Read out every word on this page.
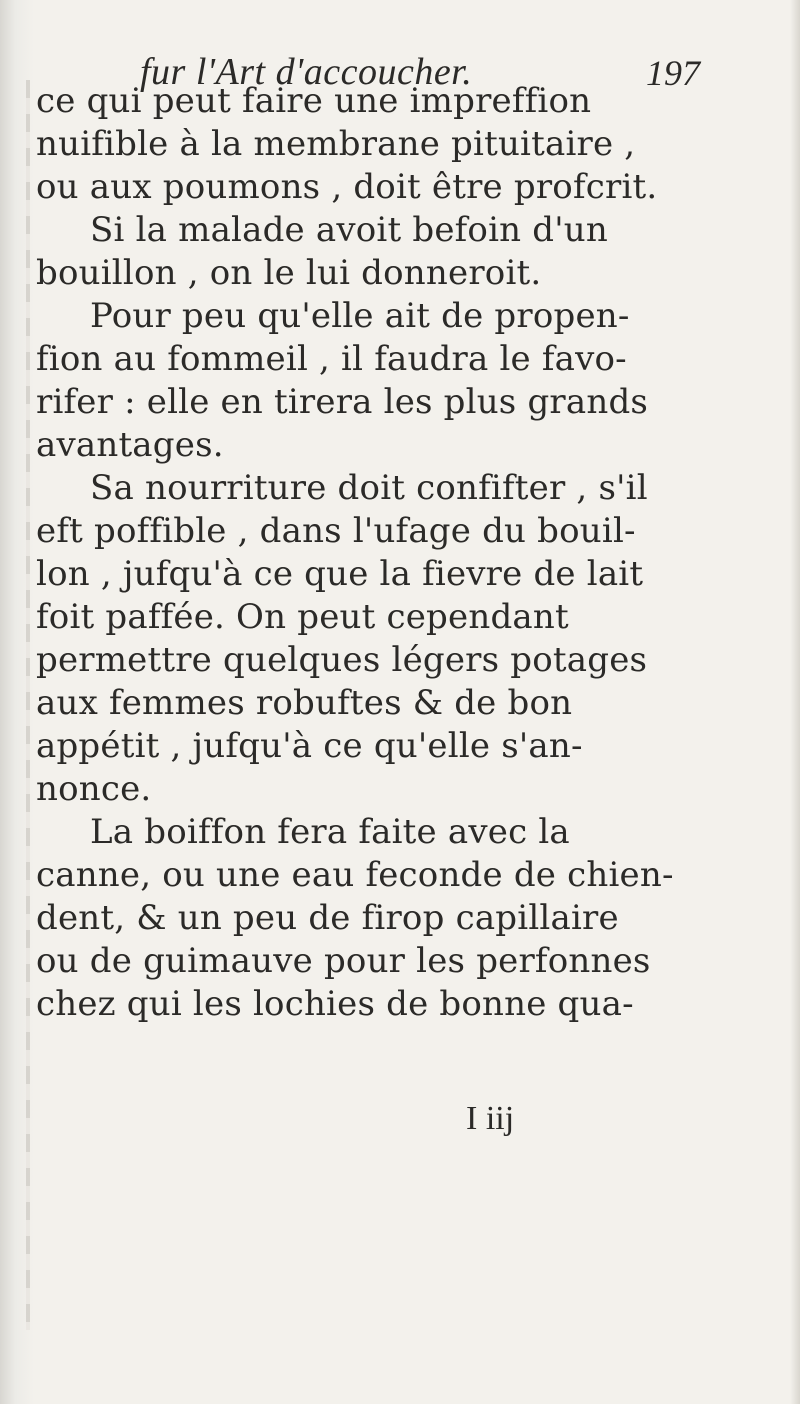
fur l'Art d'accoucher.	197
ce qui peut faire une impreffion
nuifible à la membrane pituitaire ,
ou aux poumons , doit être profcrit.
Si la malade avoit befoin d'un
bouillon , on le lui donneroit.
Pour peu qu'elle ait de propen-
fion au fommeil , il faudra le favo-
rifer : elle en tirera les plus grands
avantages.
Sa nourriture doit confifter , s'il
eft poffible , dans l'ufage du bouil-
lon , jufqu'à ce que la fievre de lait
foit paffée. On peut cependant
permettre quelques légers potages
aux femmes robuftes & de bon
appétit , jufqu'à ce qu'elle s'an-
nonce.
La boiffon fera faite avec la
canne, ou une eau feconde de chien-
dent, & un peu de firop capillaire
ou de guimauve pour les perfonnes
chez qui les lochies de bonne qua-
I iij
